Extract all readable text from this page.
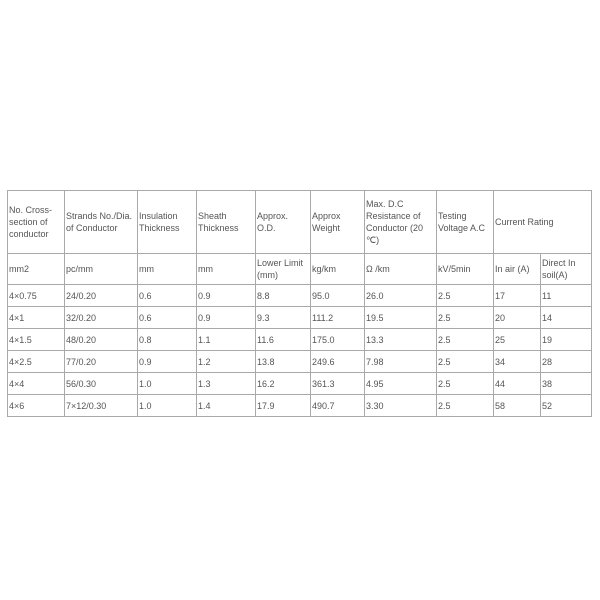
No. Cross-section of conductor	Strands No./Dia. of Conductor	Insulation Thickness	Sheath Thickness	Approx. O.D.	Approx Weight	Max. D.C Resistance of Conductor (20 ℃)	Testing Voltage A.C	Current Rating	
mm2	pc/mm	mm	mm	Lower Limit (mm)	kg/km	Ω /km	kV/5min	In air (A)	Direct In soil(A)
4×0.75	24/0.20	0.6	0.9	8.8	95.0	26.0	2.5	17	11
4×1	32/0.20	0.6	0.9	9.3	111.2	19.5	2.5	20	14
4×1.5	48/0.20	0.8	1.1	11.6	175.0	13.3	2.5	25	19
4×2.5	77/0.20	0.9	1.2	13.8	249.6	7.98	2.5	34	28
4×4	56/0.30	1.0	1.3	16.2	361.3	4.95	2.5	44	38
4×6	7×12/0.30	1.0	1.4	17.9	490.7	3.30	2.5	58	52
